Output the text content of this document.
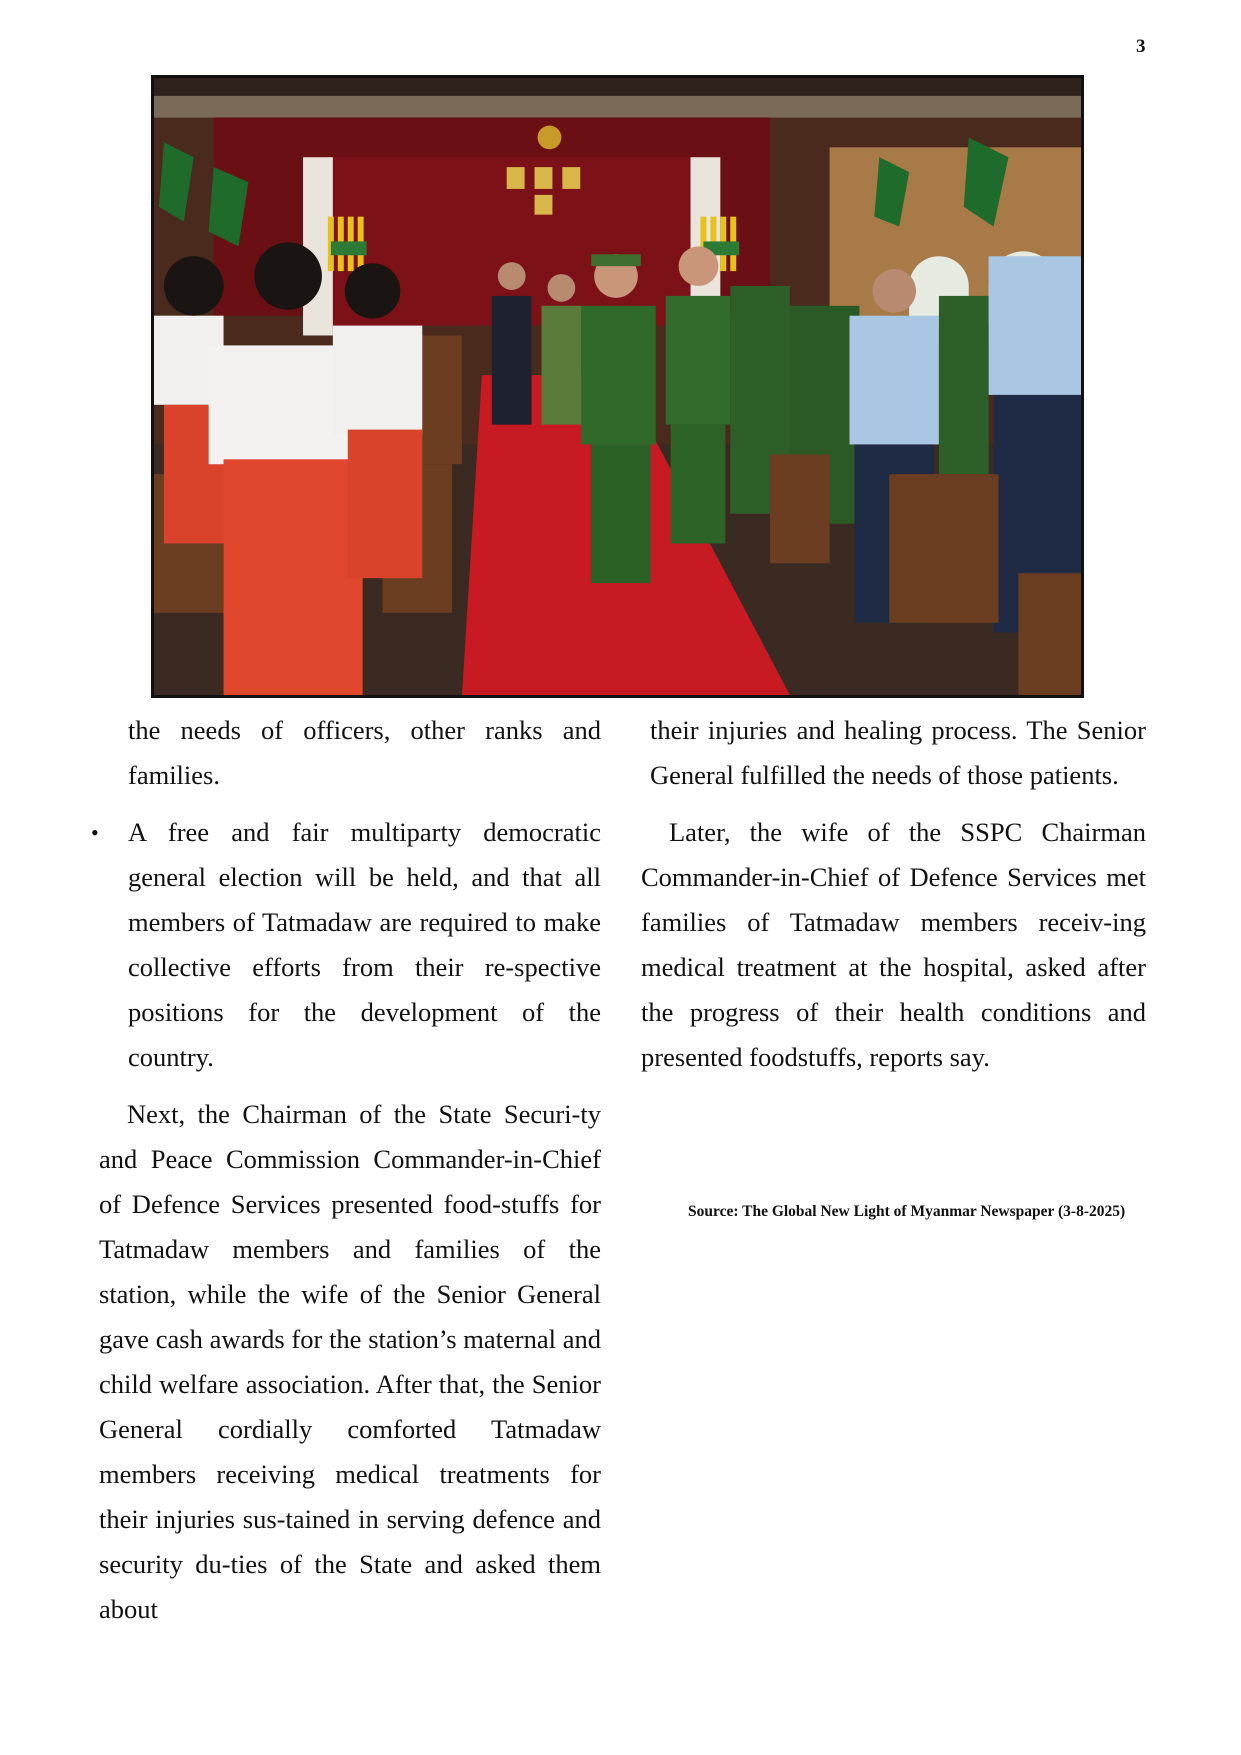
3

the needs of officers, other ranks and families.

• A free and fair multiparty democratic general election will be held, and that all members of Tatmadaw are required to make collective efforts from their re-spective positions for the development of the country.

Next, the Chairman of the State Securi-ty and Peace Commission Commander-in-Chief of Defence Services presented food-stuffs for Tatmadaw members and families of the station, while the wife of the Senior General gave cash awards for the station’s maternal and child welfare association. After that, the Senior General cordially comforted Tatmadaw members receiving medical treatments for their injuries sus-tained in serving defence and security du-ties of the State and asked them about

their injuries and healing process. The Senior General fulfilled the needs of those patients.

Later, the wife of the SSPC Chairman Commander-in-Chief of Defence Services met families of Tatmadaw members receiv-ing medical treatment at the hospital, asked after the progress of their health conditions and presented foodstuffs, reports say.

Source: The Global New Light of Myanmar Newspaper (3-8-2025)
